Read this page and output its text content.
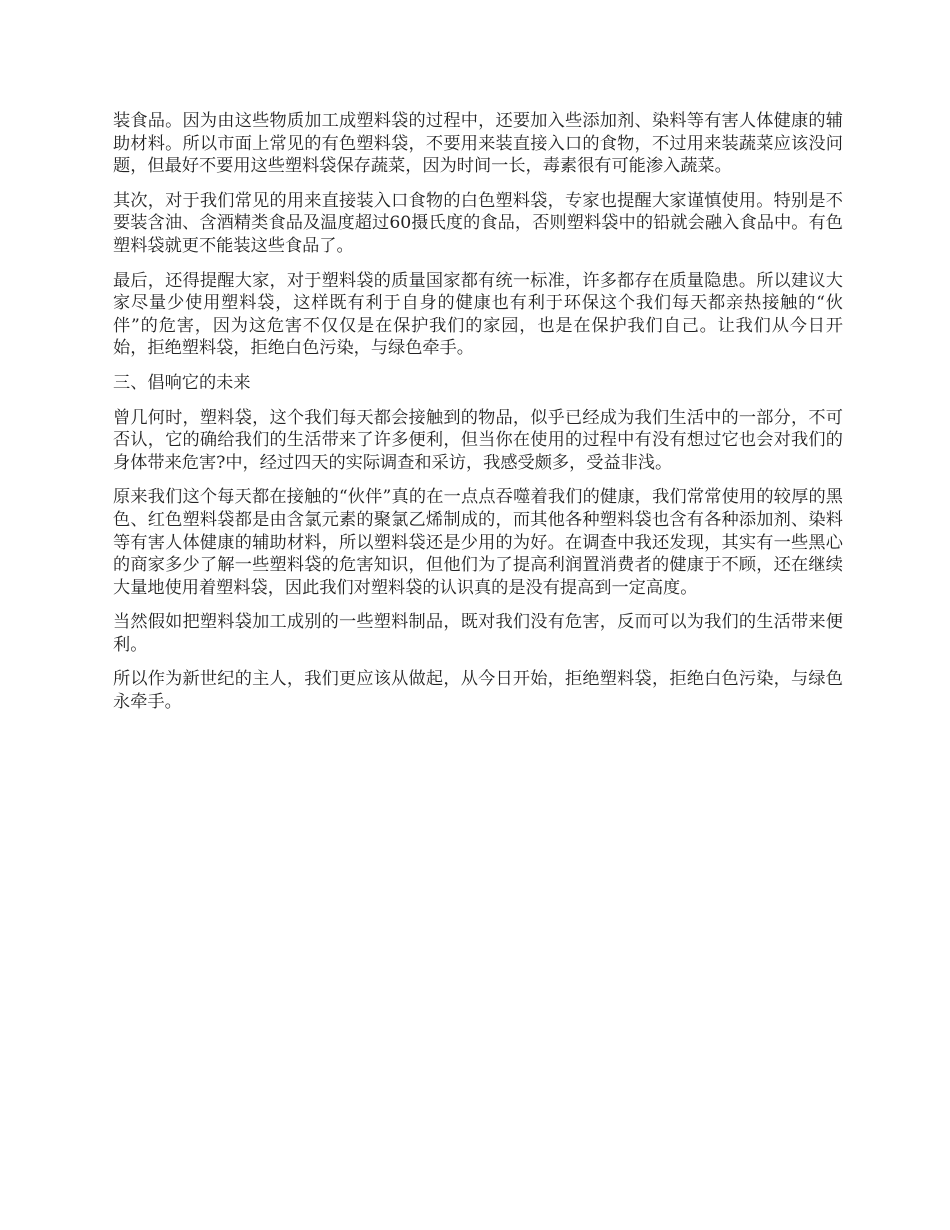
装食品。因为由这些物质加工成塑料袋的过程中，还要加入些添加剂、染料等有害人体健康的辅助材料。所以市面上常见的有色塑料袋，不要用来装直接入口的食物，不过用来装蔬菜应该没问题，但最好不要用这些塑料袋保存蔬菜，因为时间一长，毒素很有可能渗入蔬菜。

其次，对于我们常见的用来直接装入口食物的白色塑料袋，专家也提醒大家谨慎使用。特别是不要装含油、含酒精类食品及温度超过60摄氏度的食品，否则塑料袋中的铅就会融入食品中。有色塑料袋就更不能装这些食品了。

最后，还得提醒大家，对于塑料袋的质量国家都有统一标准，许多都存在质量隐患。所以建议大家尽量少使用塑料袋，这样既有利于自身的健康也有利于环保这个我们每天都亲热接触的“伙伴”的危害，因为这危害不仅仅是在保护我们的家园，也是在保护我们自己。让我们从今日开始，拒绝塑料袋，拒绝白色污染，与绿色牵手。

三、倡响它的未来

曾几何时，塑料袋，这个我们每天都会接触到的物品，似乎已经成为我们生活中的一部分，不可否认，它的确给我们的生活带来了许多便利，但当你在使用的过程中有没有想过它也会对我们的身体带来危害?中，经过四天的实际调查和采访，我感受颇多，受益非浅。

原来我们这个每天都在接触的“伙伴”真的在一点点吞噬着我们的健康，我们常常使用的较厚的黑色、红色塑料袋都是由含氯元素的聚氯乙烯制成的，而其他各种塑料袋也含有各种添加剂、染料等有害人体健康的辅助材料，所以塑料袋还是少用的为好。在调查中我还发现，其实有一些黑心的商家多少了解一些塑料袋的危害知识，但他们为了提高利润置消费者的健康于不顾，还在继续大量地使用着塑料袋，因此我们对塑料袋的认识真的是没有提高到一定高度。

当然假如把塑料袋加工成别的一些塑料制品，既对我们没有危害，反而可以为我们的生活带来便利。

所以作为新世纪的主人，我们更应该从做起，从今日开始，拒绝塑料袋，拒绝白色污染，与绿色永牵手。
